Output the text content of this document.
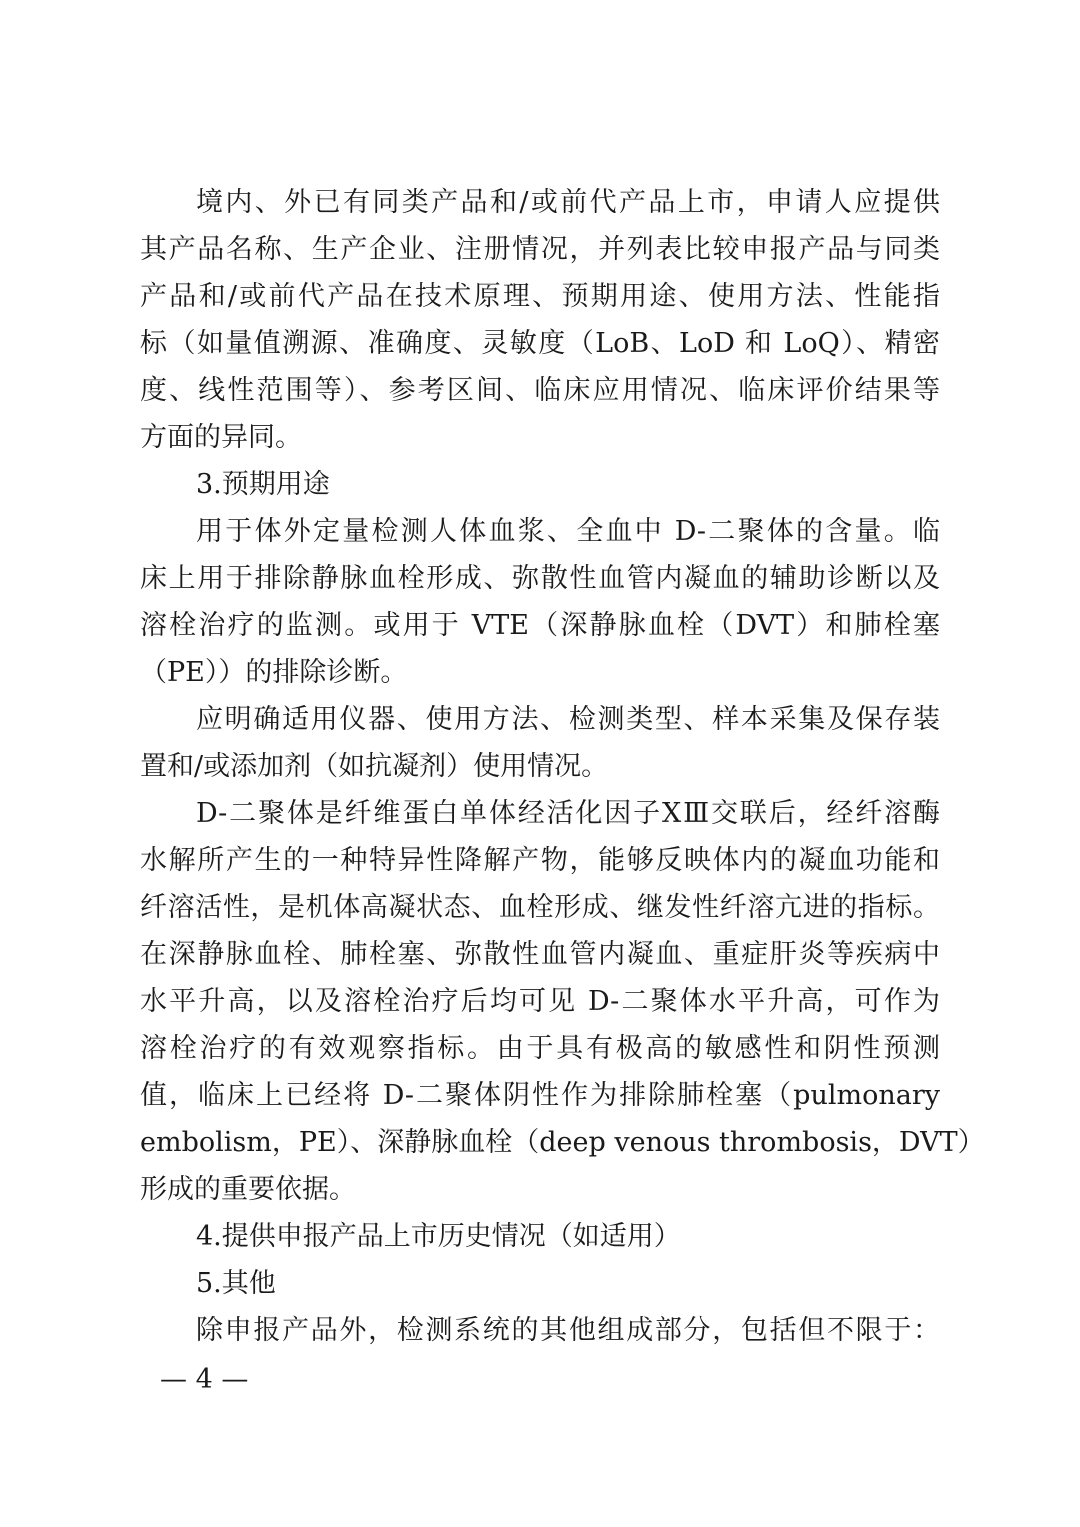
境内、外已有同类产品和/或前代产品上市，申请人应提供
其产品名称、生产企业、注册情况，并列表比较申报产品与同类
产品和/或前代产品在技术原理、预期用途、使用方法、性能指
标（如量值溯源、准确度、灵敏度（LoB、LoD 和 LoQ）、精密
度、线性范围等）、参考区间、临床应用情况、临床评价结果等
方面的异同。
3.预期用途
用于体外定量检测人体血浆、全血中 D-二聚体的含量。临
床上用于排除静脉血栓形成、弥散性血管内凝血的辅助诊断以及
溶栓治疗的监测。或用于 VTE（深静脉血栓（DVT）和肺栓塞
（PE））的排除诊断。
应明确适用仪器、使用方法、检测类型、样本采集及保存装
置和/或添加剂（如抗凝剂）使用情况。
D-二聚体是纤维蛋白单体经活化因子ⅩⅢ交联后，经纤溶酶
水解所产生的一种特异性降解产物，能够反映体内的凝血功能和
纤溶活性，是机体高凝状态、血栓形成、继发性纤溶亢进的指标。
在深静脉血栓、肺栓塞、弥散性血管内凝血、重症肝炎等疾病中
水平升高，以及溶栓治疗后均可见 D-二聚体水平升高，可作为
溶栓治疗的有效观察指标。由于具有极高的敏感性和阴性预测
值，临床上已经将 D-二聚体阴性作为排除肺栓塞（pulmonary
embolism，PE）、深静脉血栓（deep venous thrombosis，DVT）
形成的重要依据。
4.提供申报产品上市历史情况（如适用）
5.其他
除申报产品外，检测系统的其他组成部分，包括但不限于：
— 4 —
